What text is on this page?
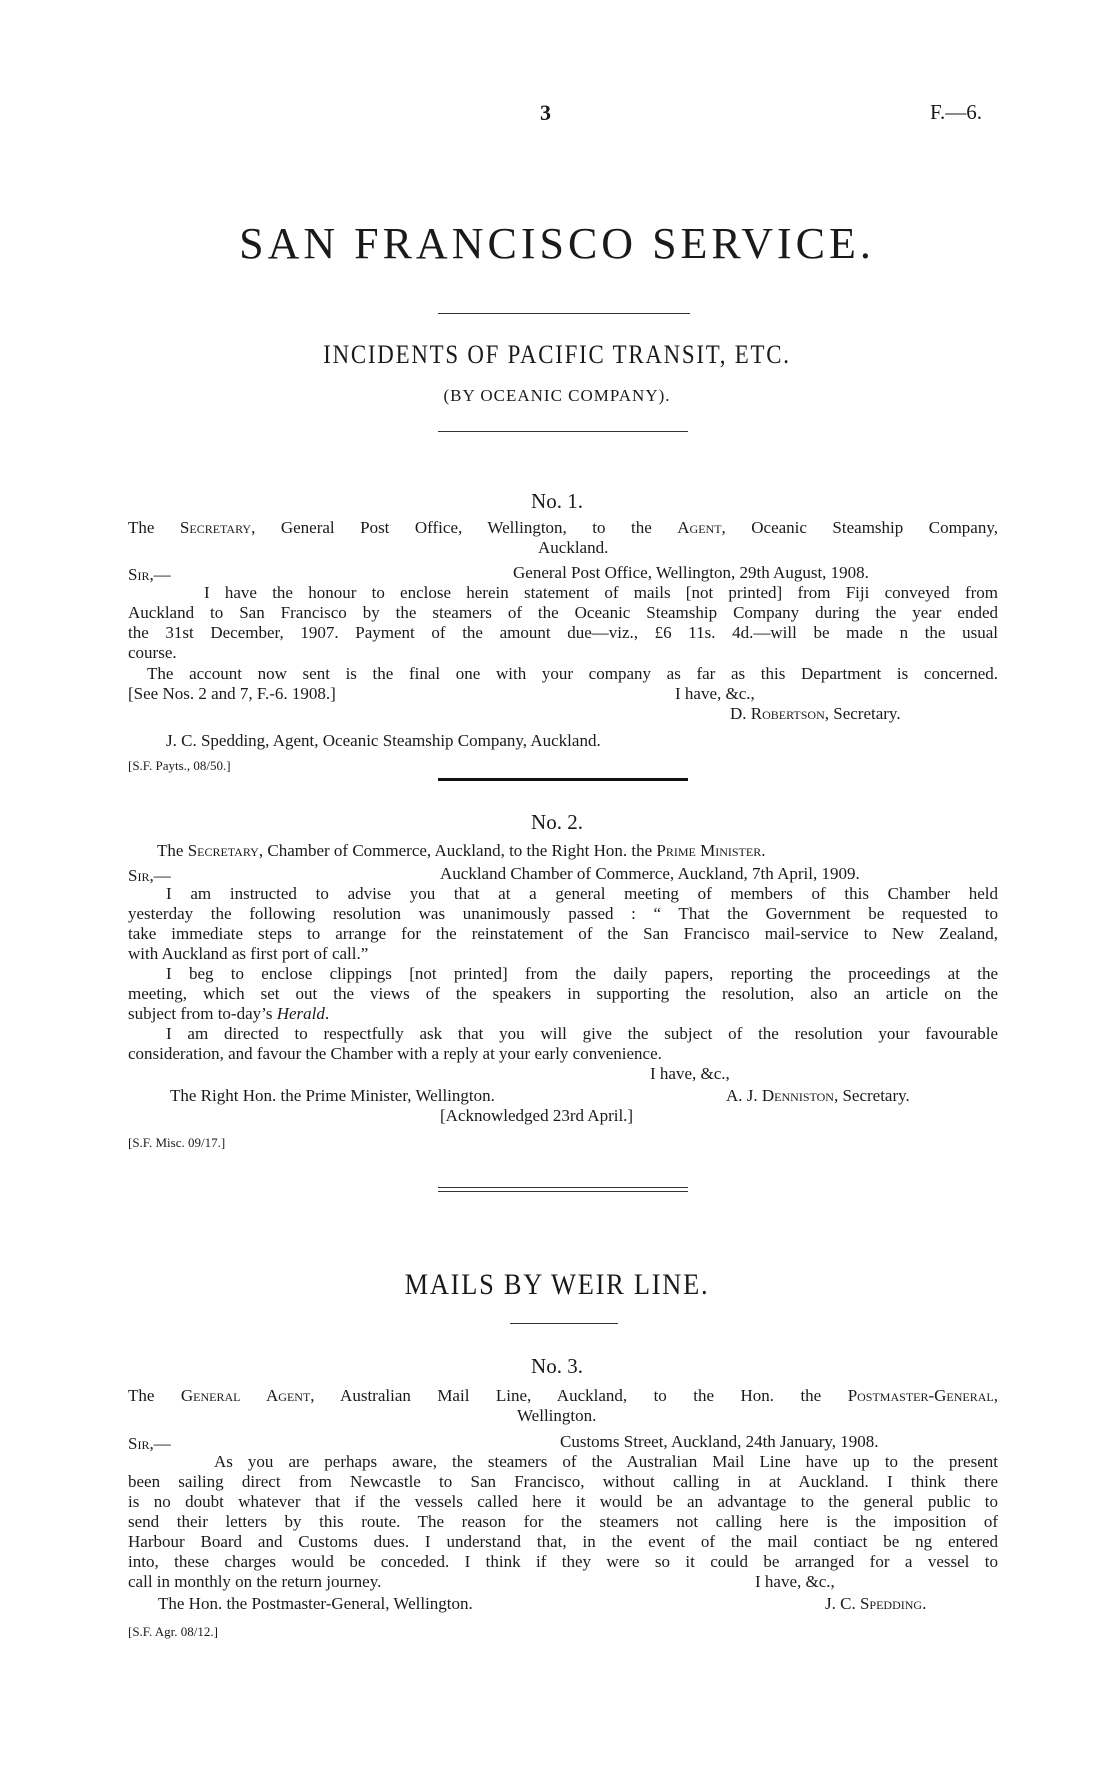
3	F.—6.
SAN FRANCISCO SERVICE.
INCIDENTS OF PACIFIC TRANSIT, ETC.
(BY OCEANIC COMPANY).
No. 1.
The Secretary, General Post Office, Wellington, to the Agent, Oceanic Steamship Company,
Auckland.
Sir,—	General Post Office, Wellington, 29th August, 1908.
I have the honour to enclose herein statement of mails [not printed] from Fiji conveyed from
Auckland to San Francisco by the steamers of the Oceanic Steamship Company during the year ended
the 31st December, 1907. Payment of the amount due—viz., £6 11s. 4d.—will be made n the usual
course.
The account now sent is the final one with your company as far as this Department is concerned.
[See Nos. 2 and 7, F.-6. 1908.]	I have, &c.,
D. Robertson, Secretary.
J. C. Spedding, Agent, Oceanic Steamship Company, Auckland.
[S.F. Payts., 08/50.]
No. 2.
The Secretary, Chamber of Commerce, Auckland, to the Right Hon. the Prime Minister.
Sir,—	Auckland Chamber of Commerce, Auckland, 7th April, 1909.
I am instructed to advise you that at a general meeting of members of this Chamber held
yesterday the following resolution was unanimously passed : “ That the Government be requested to
take immediate steps to arrange for the reinstatement of the San Francisco mail-service to New Zealand,
with Auckland as first port of call.”
I beg to enclose clippings [not printed] from the daily papers, reporting the proceedings at the
meeting, which set out the views of the speakers in supporting the resolution, also an article on the
subject from to-day’s Herald.
I am directed to respectfully ask that you will give the subject of the resolution your favourable
consideration, and favour the Chamber with a reply at your early convenience.
I have, &c.,
The Right Hon. the Prime Minister, Wellington.	A. J. Denniston, Secretary.
[Acknowledged 23rd April.]
[S.F. Misc. 09/17.]
MAILS BY WEIR LINE.
No. 3.
The General Agent, Australian Mail Line, Auckland, to the Hon. the Postmaster-General,
Wellington.
Sir,—	Customs Street, Auckland, 24th January, 1908.
As you are perhaps aware, the steamers of the Australian Mail Line have up to the present
been sailing direct from Newcastle to San Francisco, without calling in at Auckland. I think there
is no doubt whatever that if the vessels called here it would be an advantage to the general public to
send their letters by this route. The reason for the steamers not calling here is the imposition of
Harbour Board and Customs dues. I understand that, in the event of the mail contiact be ng entered
into, these charges would be conceded. I think if they were so it could be arranged for a vessel to
call in monthly on the return journey.	I have, &c.,
The Hon. the Postmaster-General, Wellington.	J. C. Spedding.
[S.F. Agr. 08/12.]
